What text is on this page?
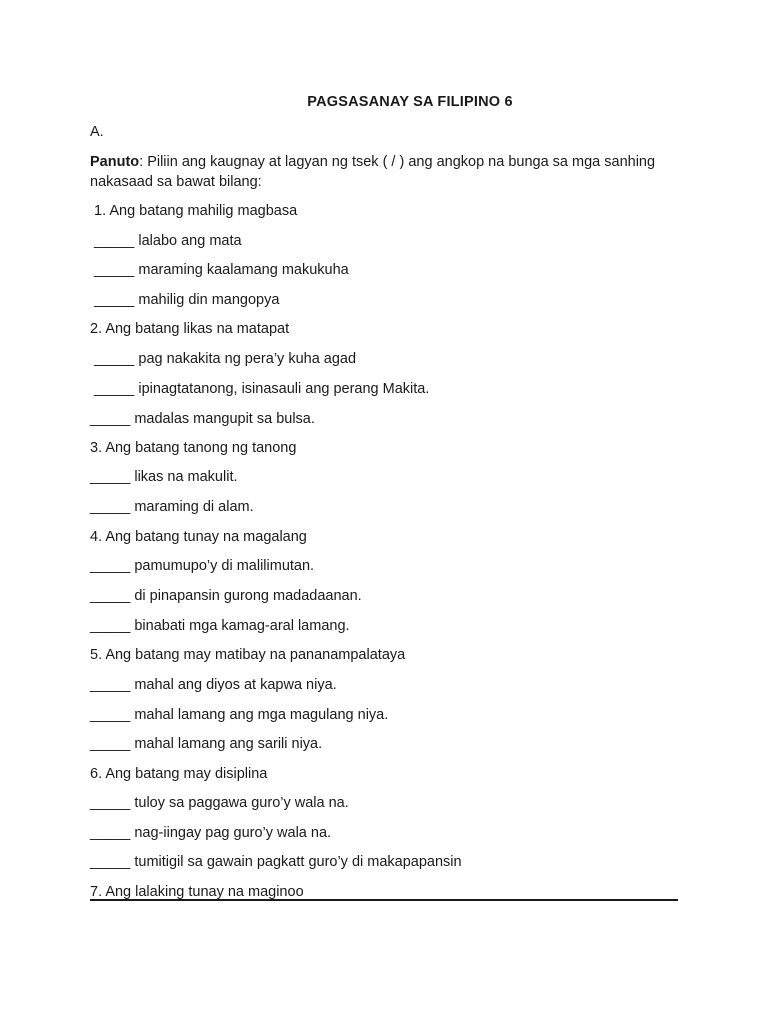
PAGSASANAY SA FILIPINO 6
A.
Panuto: Piliin ang kaugnay at lagyan ng tsek ( / ) ang angkop na bunga sa mga sanhing
nakasaad sa bawat bilang:
1. Ang batang mahilig magbasa
_____ lalabo ang mata
_____ maraming kaalamang makukuha
_____ mahilig din mangopya
2. Ang batang likas na matapat
_____ pag nakakita ng pera’y kuha agad
_____ ipinagtatanong, isinasauli ang perang Makita.
_____ madalas mangupit sa bulsa.
3. Ang batang tanong ng tanong
_____ likas na makulit.
_____ maraming di alam.
4. Ang batang tunay na magalang
_____ pamumupo’y di malilimutan.
_____ di pinapansin gurong madadaanan.
_____ binabati mga kamag-aral lamang.
5. Ang batang may matibay na pananampalataya
_____ mahal ang diyos at kapwa niya.
_____ mahal lamang ang mga magulang niya.
_____ mahal lamang ang sarili niya.
6. Ang batang may disiplina
_____ tuloy sa paggawa guro’y wala na.
_____ nag-iingay pag guro’y wala na.
_____ tumitigil sa gawain pagkatt guro’y di makapapansin
7. Ang lalaking tunay na maginoo
